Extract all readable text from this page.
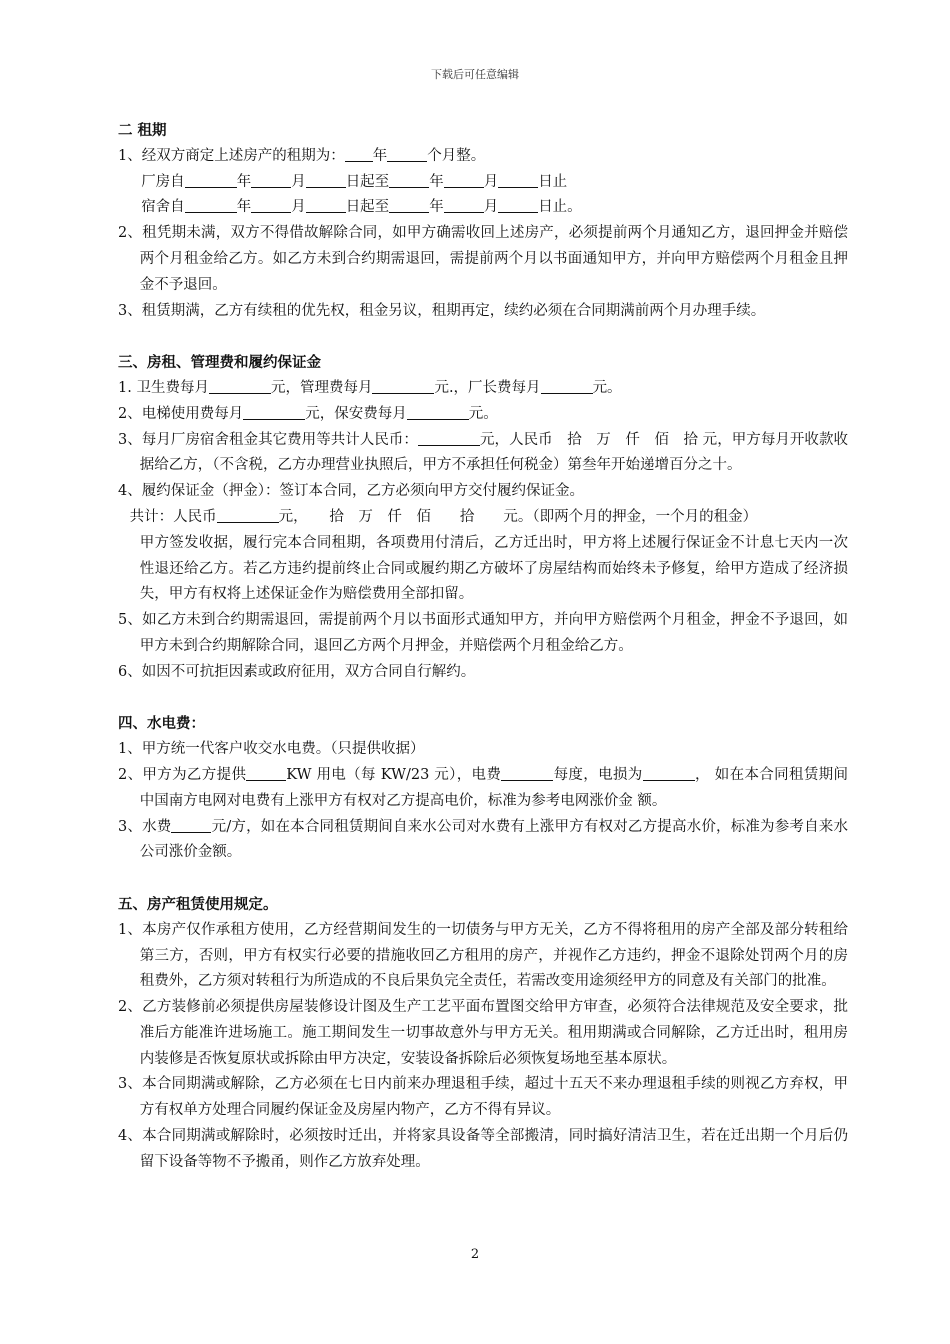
下载后可任意编辑

二 租期

1、经双方商定上述房产的租期为： 年	个月整。

厂房自	年	月	日起至	年	月	日止

宿舍自	年	月	日起至	年	月	日止。

2、租凭期未满，双方不得借故解除合同，如甲方确需收回上述房产，必须提前两个月通知乙方，退回押金并赔偿两个月租金给乙方。如乙方未到合约期需退回，需提前两个月以书面通知甲方，并向甲方赔偿两个月租金且押金不予退回。

3、租赁期满，乙方有续租的优先权，租金另议，租期再定，续约必须在合同期满前两个月办理手续。

三、房租、管理费和履约保证金

1. 卫生费每月	元，管理费每月	元.，厂长费每月	元。

2、电梯使用费每月	元，保安费每月	元。

3、每月厂房宿舍租金其它费用等共计人民币：	元，人民币　拾　万　仟　佰　拾 元，甲方每月开收款收据给乙方，（不含税，乙方办理营业执照后，甲方不承担任何税金）第叁年开始递增百分之十。

4、履约保证金（押金）：签订本合同，乙方必须向甲方交付履约保证金。

共计：人民币	元，　　拾　万　仟　佰　　拾　　元。（即两个月的押金，一个月的租金）

甲方签发收据，履行完本合同租期，各项费用付清后，乙方迁出时，甲方将上述履行保证金不计息七天内一次性退还给乙方。若乙方违约提前终止合同或履约期乙方破坏了房屋结构而始终未予修复，给甲方造成了经济损失，甲方有权将上述保证金作为赔偿费用全部扣留。

5、如乙方未到合约期需退回，需提前两个月以书面形式通知甲方，并向甲方赔偿两个月租金，押金不予退回，如甲方未到合约期解除合同，退回乙方两个月押金，并赔偿两个月租金给乙方。

6、如因不可抗拒因素或政府征用，双方合同自行解约。

四、水电费：

1、甲方统一代客户收交水电费。（只提供收据）

2、甲方为乙方提供	KW 用电（每 KW/23 元），电费	每度，电损为	， 如在本合同租赁期间中国南方电网对电费有上涨甲方有权对乙方提高电价，标准为参考电网涨价金 额。

3、水费	元/方，如在本合同租赁期间自来水公司对水费有上涨甲方有权对乙方提高水价，标准为参考自来水公司涨价金额。

五、房产租赁使用规定。

1、本房产仅作承租方使用，乙方经营期间发生的一切债务与甲方无关，乙方不得将租用的房产全部及部分转租给第三方，否则，甲方有权实行必要的措施收回乙方租用的房产，并视作乙方违约，押金不退除处罚两个月的房租费外，乙方须对转租行为所造成的不良后果负完全责任，若需改变用途须经甲方的同意及有关部门的批准。

2、乙方装修前必须提供房屋装修设计图及生产工艺平面布置图交给甲方审查，必须符合法律规范及安全要求，批准后方能准许进场施工。施工期间发生一切事故意外与甲方无关。租用期满或合同解除，乙方迁出时，租用房内装修是否恢复原状或拆除由甲方决定，安装设备拆除后必须恢复场地至基本原状。

3、本合同期满或解除，乙方必须在七日内前来办理退租手续，超过十五天不来办理退租手续的则视乙方弃权，甲方有权单方处理合同履约保证金及房屋内物产，乙方不得有异议。

4、本合同期满或解除时，必须按时迁出，并将家具设备等全部搬清，同时搞好清洁卫生，若在迁出期一个月后仍留下设备等物不予搬甬，则作乙方放弃处理。

2
